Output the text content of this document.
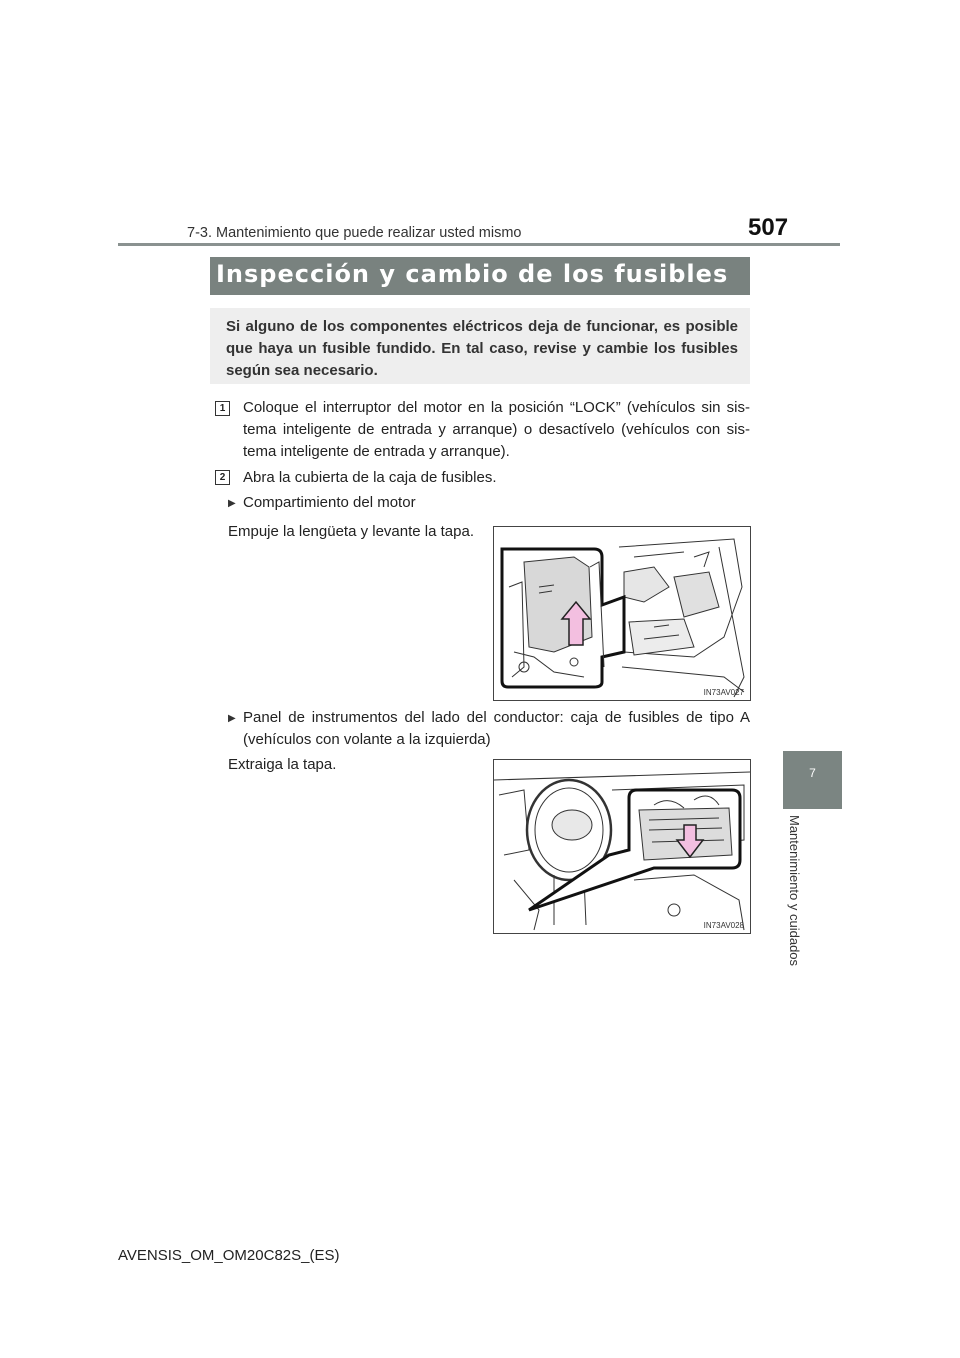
7-3. Mantenimiento que puede realizar usted mismo	507
7
Mantenimiento y cuidados
Inspección y cambio de los fusibles
Si alguno de los componentes eléctricos deja de funcionar, es posible que haya un fusible fundido. En tal caso, revise y cambie los fusibles según sea necesario.
1	Coloque el interruptor del motor en la posición “LOCK” (vehículos sin sis-tema inteligente de entrada y arranque) o desactívelo (vehículos con sis-tema inteligente de entrada y arranque).
2	Abra la cubierta de la caja de fusibles.
▶ Compartimiento del motor
Empuje la lengüeta y levante la tapa.
IN73AV027
▶ Panel de instrumentos del lado del conductor: caja de fusibles de tipo A (vehículos con volante a la izquierda)
Extraiga la tapa.
IN73AV028
AVENSIS_OM_OM20C82S_(ES)
